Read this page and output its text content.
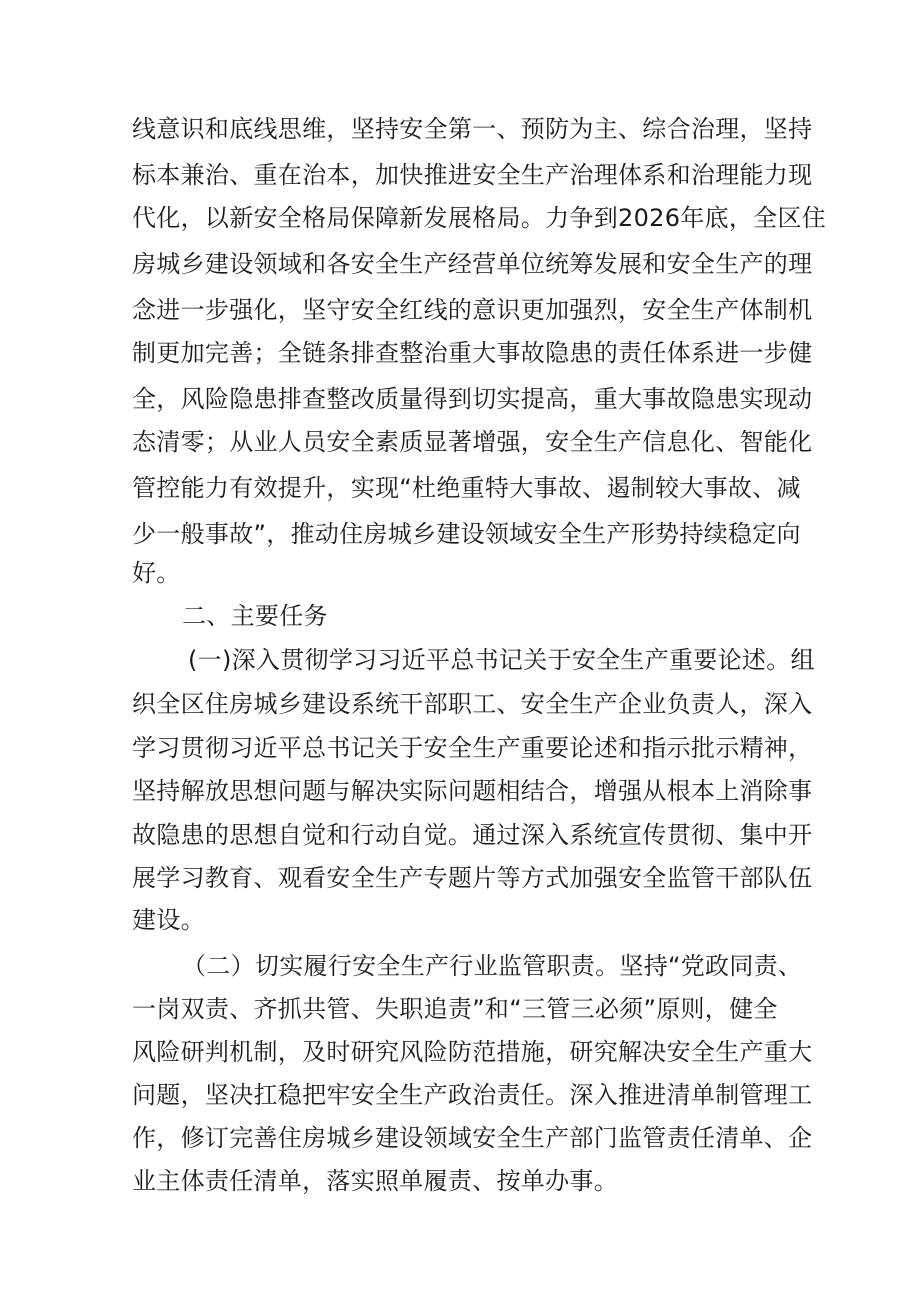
线意识和底线思维，坚持安全第一、预防为主、综合治理，坚持
标本兼治、重在治本，加快推进安全生产治理体系和治理能力现
代化，以新安全格局保障新发展格局。力争到2026年底，全区住
房城乡建设领域和各安全生产经营单位统筹发展和安全生产的理
念进一步强化，坚守安全红线的意识更加强烈，安全生产体制机
制更加完善；全链条排查整治重大事故隐患的责任体系进一步健
全，风险隐患排查整改质量得到切实提高，重大事故隐患实现动
态清零；从业人员安全素质显著增强，安全生产信息化、智能化
管控能力有效提升，实现“杜绝重特大事故、遏制较大事故、减
少一般事故”，推动住房城乡建设领域安全生产形势持续稳定向
好。
二、主要任务
(一)深入贯彻学习习近平总书记关于安全生产重要论述。组
织全区住房城乡建设系统干部职工、安全生产企业负责人，深入
学习贯彻习近平总书记关于安全生产重要论述和指示批示精神，
坚持解放思想问题与解决实际问题相结合，增强从根本上消除事
故隐患的思想自觉和行动自觉。通过深入系统宣传贯彻、集中开
展学习教育、观看安全生产专题片等方式加强安全监管干部队伍
建设。
（二）切实履行安全生产行业监管职责。坚持“党政同责、
一岗双责、齐抓共管、失职追责”和“三管三必须”原则，健全
风险研判机制，及时研究风险防范措施，研究解决安全生产重大
问题，坚决扛稳把牢安全生产政治责任。深入推进清单制管理工
作，修订完善住房城乡建设领域安全生产部门监管责任清单、企
业主体责任清单，落实照单履责、按单办事。
